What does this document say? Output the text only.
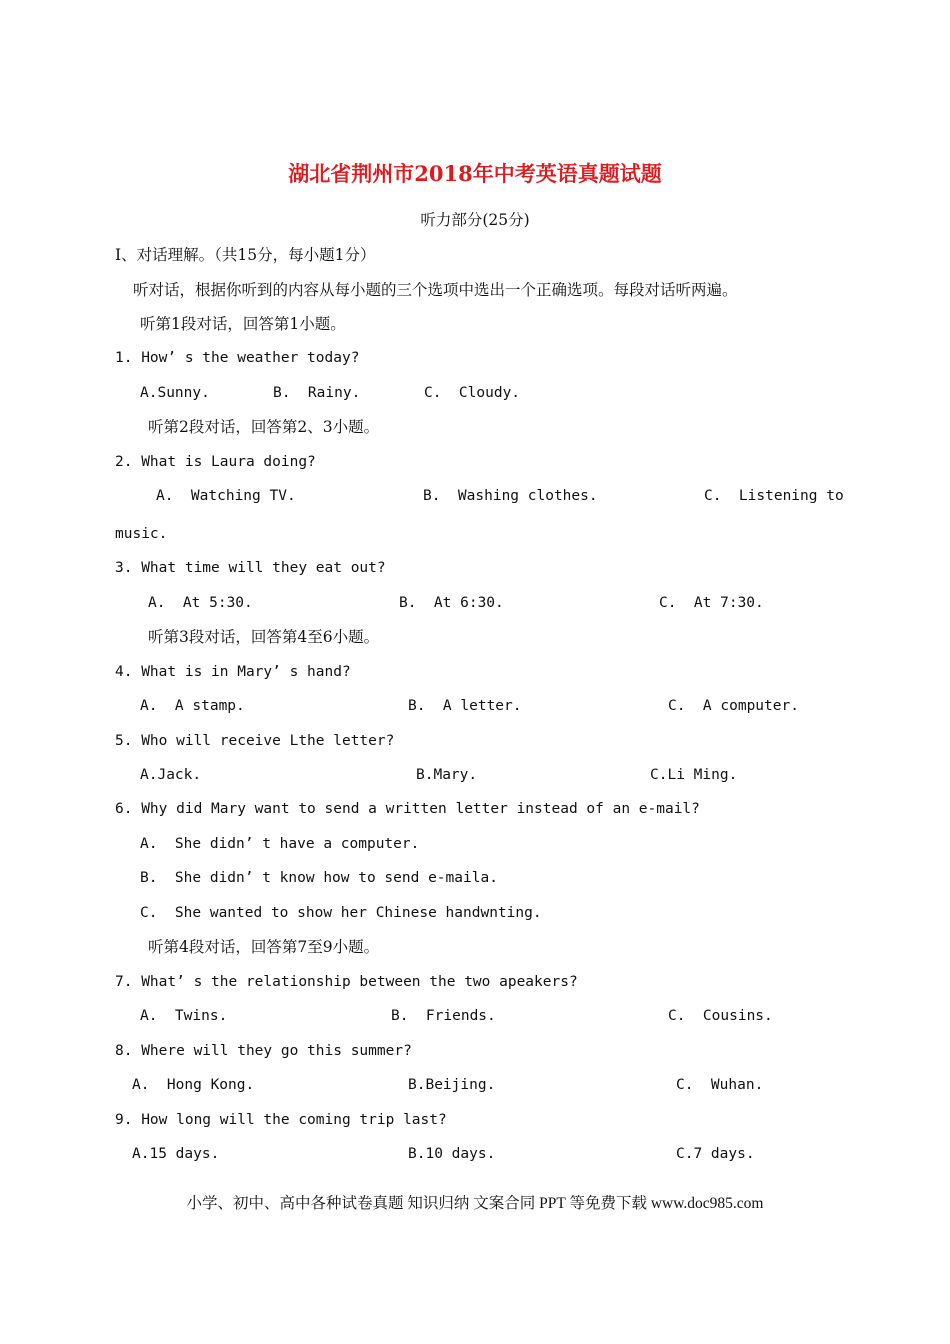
湖北省荆州市2018年中考英语真题试题
听力部分(25分)
I、对话理解。（共15分，每小题1分）
听对话，根据你听到的内容从每小题的三个选项中选出一个正确选项。每段对话听两遍。
听第1段对话，回答第1小题。
1. How’ s the weather today?
A.Sunny.	B.  Rainy.	C.  Cloudy.
听第2段对话，回答第2、3小题。
2. What is Laura doing?
A.  Watching TV.	B.  Washing clothes.	C.  Listening to
music.
3. What time will they eat out?
A.  At 5:30.	B.  At 6:30.	C.  At 7:30.
听第3段对话，回答第4至6小题。
4. What is in Mary’ s hand?
A.  A stamp.	B.  A letter.	C.  A computer.
5. Who will receive Lthe letter?
A.Jack.	B.Mary.	C.Li Ming.
6. Why did Mary want to send a written letter instead of an e-mail?
A.  She didn’ t have a computer.
B.  She didn’ t know how to send e-maila.
C.  She wanted to show her Chinese handwnting.
听第4段对话，回答第7至9小题。
7. What’ s the relationship between the two apeakers?
A.  Twins.	B.  Friends.	C.  Cousins.
8. Where will they go this summer?
A.  Hong Kong.	B.Beijing.	C.  Wuhan.
9. How long will the coming trip last?
A.15 days.	B.10 days.	C.7 days.
小学、初中、高中各种试卷真题 知识归纳 文案合同 PPT 等免费下载 www.doc985.com
